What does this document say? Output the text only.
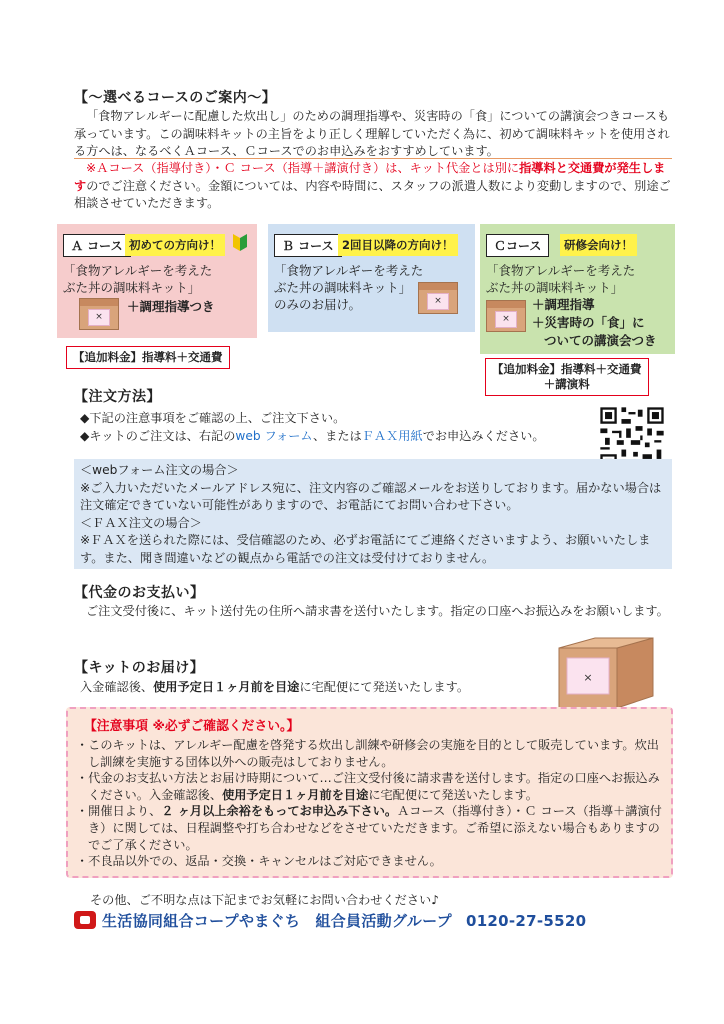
【～選べるコースのご案内～】
「食物アレルギーに配慮した炊出し」のための調理指導や、災害時の「食」についての講演会つきコースも承っています。この調味料キットの主旨をより正しく理解していただく為に、初めて調味料キットを使用される方へは、なるべくＡコース、Ｃコースでのお申込みをおすすめしています。
※Ａコース（指導付き）・Ｃ コース（指導＋講演付き）は、キット代金とは別に指導料と交通費が発生しますのでご注意ください。金額については、内容や時間に、スタッフの派遣人数により変動しますので、別途ご相談させていただきます。
Ａ コース 初めての方向け！
「食物アレルギーを考えた
ぶた丼の調味料キット」
×
＋調理指導つき
【追加料金】指導料＋交通費
Ｂ コース 2回目以降の方向け！
「食物アレルギーを考えた
ぶた丼の調味料キット」
のみのお届け。	×
Ｃコース	研修会向け！
「食物アレルギーを考えた
ぶた丼の調味料キット」
×
＋調理指導
＋災害時の「食」に
ついての講演会つき
【追加料金】指導料＋交通費
＋講演料
【注文方法】
◆下記の注意事項をご確認の上、ご注文下さい。
◆キットのご注文は、右記のweb フォーム、またはＦＡＸ用紙でお申込みください。
＜webフォーム注文の場合＞
※ご入力いただいたメールアドレス宛に、注文内容のご確認メールをお送りしております。届かない場合は注文確定できていない可能性がありますので、お電話にてお問い合わせ下さい。
＜ＦＡＸ注文の場合＞
※ＦＡＸを送られた際には、受信確認のため、必ずお電話にてご連絡くださいますよう、お願いいたします。また、聞き間違いなどの観点から電話での注文は受付けておりません。
【代金のお支払い】
ご注文受付後に、キット送付先の住所へ請求書を送付いたします。指定の口座へお振込みをお願いします。
【キットのお届け】
入金確認後、使用予定日１ヶ月前を目途に宅配便にて発送いたします。
×
【注意事項 ※必ずご確認ください。】
・このキットは、アレルギー配慮を啓発する炊出し訓練や研修会の実施を目的として販売しています。炊出し訓練を実施する団体以外への販売はしておりません。
・代金のお支払い方法とお届け時期について…ご注文受付後に請求書を送付します。指定の口座へお振込みください。入金確認後、使用予定日１ヶ月前を目途に宅配便にて発送いたします。
・開催日より、２ ヶ月以上余裕をもってお申込み下さい。Ａコース（指導付き）・Ｃ コース（指導＋講演付き）に関しては、日程調整や打ち合わせなどをさせていただきます。ご希望に添えない場合もありますのでご了承ください。
・不良品以外での、返品・交換・キャンセルはご対応できません。
その他、ご不明な点は下記までお気軽にお問い合わせください♪
生活協同組合コープやまぐち　組合員活動グループ 0120-27-5520
